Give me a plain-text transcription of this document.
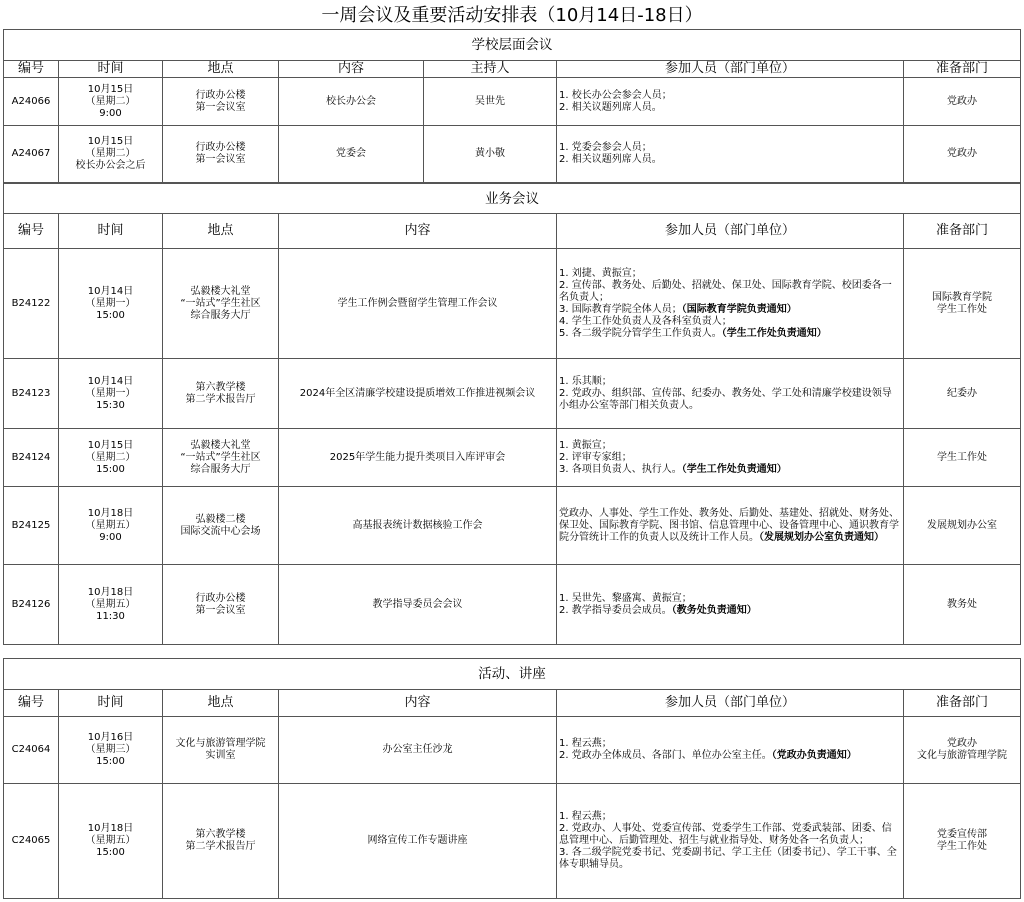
一周会议及重要活动安排表（10月14日-18日）
学校层面会议						
编号	时间	地点	内容	主持人	参加人员（部门单位）	准备部门
A24066	10月15日
（星期二）
9:00	行政办公楼
第一会议室	校长办公会	吴世先	1. 校长办公会参会人员；
2. 相关议题列席人员。	党政办
A24067	10月15日
（星期二）
校长办公会之后	行政办公楼
第一会议室	党委会	黄小敬	1. 党委会参会人员；
2. 相关议题列席人员。	党政办
业务会议					
编号	时间	地点	内容	参加人员（部门单位）	准备部门
B24122	10月14日
（星期一）
15:00	弘毅楼大礼堂
“一站式”学生社区
综合服务大厅	学生工作例会暨留学生管理工作会议	1. 刘捷、黄振宣；
2. 宣传部、教务处、后勤处、招就处、保卫处、国际教育学院、校团委各一名负责人；
3. 国际教育学院全体人员；（国际教育学院负责通知）
4. 学生工作处负责人及各科室负责人；
5. 各二级学院分管学生工作负责人。（学生工作处负责通知）	国际教育学院
学生工作处

B24123	10月14日
（星期一）
15:30	第六教学楼
第二学术报告厅	2024年全区清廉学校建设提质增效工作推进视频会议	1. 乐其顺；
2. 党政办、组织部、宣传部、纪委办、教务处、学工处和清廉学校建设领导小组办公室等部门相关负责人。	纪委办
B24124	10月15日
（星期二）
15:00	弘毅楼大礼堂
“一站式”学生社区
综合服务大厅	2025年学生能力提升类项目入库评审会	1. 黄振宣；
2. 评审专家组；
3. 各项目负责人、执行人。（学生工作处负责通知）	学生工作处
B24125	10月18日
（星期五）
9:00	弘毅楼二楼
国际交流中心会场	高基报表统计数据核验工作会	党政办、人事处、学生工作处、教务处、后勤处、基建处、招就处、财务处、保卫处、国际教育学院、图书馆、信息管理中心、设备管理中心、通识教育学院分管统计工作的负责人以及统计工作人员。（发展规划办公室负责通知）	发展规划办公室
B24126	10月18日
（星期五）
11:30	行政办公楼
第一会议室	教学指导委员会会议	1. 吴世先、黎盛寓、黄振宣；
2. 教学指导委员会成员。（教务处负责通知）	教务处
活动、讲座					
编号	时间	地点	内容	参加人员（部门单位）	准备部门
C24064	10月16日
（星期三）
15:00	文化与旅游管理学院
实训室	办公室主任沙龙	1. 程云燕；
2. 党政办全体成员、各部门、单位办公室主任。（党政办负责通知）	党政办
文化与旅游管理学院

C24065	10月18日
（星期五）
15:00	第六教学楼
第二学术报告厅	网络宣传工作专题讲座	1. 程云燕；
2. 党政办、人事处、党委宣传部、党委学生工作部、党委武装部、团委、信息管理中心、后勤管理处、招生与就业指导处、财务处各一名负责人；
3. 各二级学院党委书记、党委副书记、学工主任（团委书记）、学工干事、全体专职辅导员。	党委宣传部
学生工作处
